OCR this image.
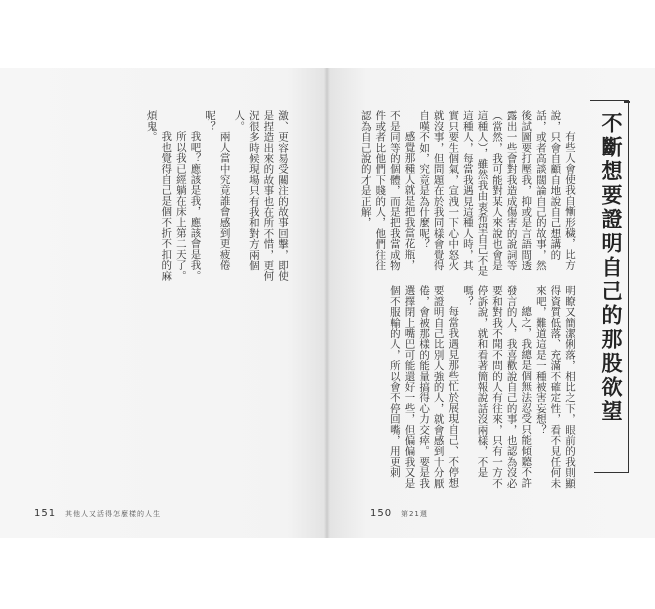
不斷想要證明自己的那股欲望

有些人會使我自慚形穢，比方說，只會自顧自地說自己想講的話，或者高談闊論自己的故事，然後試圖要打壓我，抑或是言語間透露出一些會對我造成傷害的說詞等（當然，我可能對某人來說也會是這種人），雖然我由衷希望自己不是這種人，每當我遇見這種人時，其實只要生個氣，宣洩一下心中怒火就沒事，但問題在於我同樣會覺得自嘆不如，究竟是為什麼呢？

感覺那種人就是把我當花瓶，不是同等的個體，而是把我當成物件或者比他們下賤的人，他們往往認為自己說的才是正解，

明瞭又簡潔俐落，相比之下，眼前的我則顯得資質低落、充滿不確定性，看不見任何未來吧，難道這是一種被害妄想？

總之，我總是個無法忍受只能傾聽不許發言的人，我喜歡說自己的事，也認為沒必要和對我不聞不問的人有往來，只有一方不停訴說，就和看著簡報說話沒兩樣，不是嗎？

每當我遇見那些忙於展現自己、不停想要證明自己比別人強的人，就會感到十分厭倦，會被那樣的能量搞得心力交瘁。要是我選擇閉上嘴巴可能還好一些，但偏偏我又是個不服輸的人，所以會不停回嘴，用更刺

激、更容易受關注的故事回擊，即使是捏造出來的故事也在所不惜，更何況很多時候現場只有我和對方兩個人。

兩人當中究竟誰會感到更疲倦呢？

我吧？應該是我，應該會是我。

所以我已經躺在床上第二天了。

我也覺得自己是個不折不扣的麻煩鬼。

151 其他人又活得怎麼樣的人生	150 第21週
